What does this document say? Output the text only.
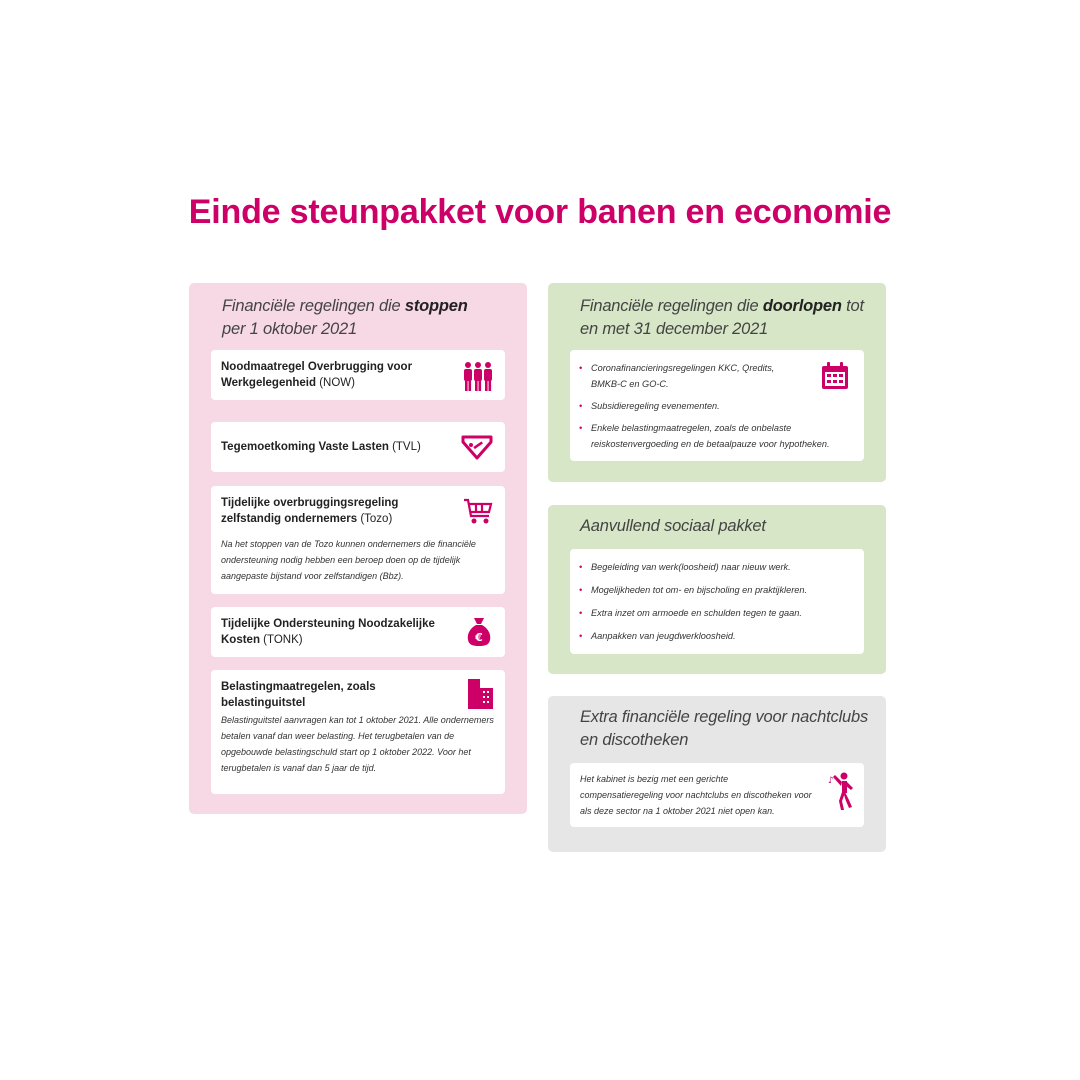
Einde steunpakket voor banen en economie
Financiële regelingen die stoppen per 1 oktober 2021
Noodmaatregel Overbrugging voor Werkgelegenheid (NOW)
Tegemoetkoming Vaste Lasten (TVL)
Tijdelijke overbruggingsregeling zelfstandig ondernemers (Tozo)
Na het stoppen van de Tozo kunnen ondernemers die financiële ondersteuning nodig hebben een beroep doen op de tijdelijk aangepaste bijstand voor zelfstandigen (Bbz).
Tijdelijke Ondersteuning Noodzakelijke Kosten (TONK)	€
Belastingmaatregelen, zoals belastinguitstel
Belastinguitstel aanvragen kan tot 1 oktober 2021. Alle ondernemers betalen vanaf dan weer belasting. Het terugbetalen van de opgebouwde belastingschuld start op 1 oktober 2022. Voor het terugbetalen is vanaf dan 5 jaar de tijd.
Financiële regelingen die doorlopen tot en met 31 december 2021
• Coronafinancieringsregelingen KKC, Qredits, BMKB-C en GO-C.
• Subsidieregeling evenementen.
• Enkele belastingmaatregelen, zoals de onbelaste reiskostenvergoeding en de betaalpauze voor hypotheken.
Aanvullend sociaal pakket
• Begeleiding van werk(loosheid) naar nieuw werk.
• Mogelijkheden tot om- en bijscholing en praktijkleren.
• Extra inzet om armoede en schulden tegen te gaan.
• Aanpakken van jeugdwerkloosheid.
Extra financiële regeling voor nachtclubs en discotheken
Het kabinet is bezig met een gerichte compensatieregeling voor nachtclubs en discotheken voor als deze sector na 1 oktober 2021 niet open kan.
♪
